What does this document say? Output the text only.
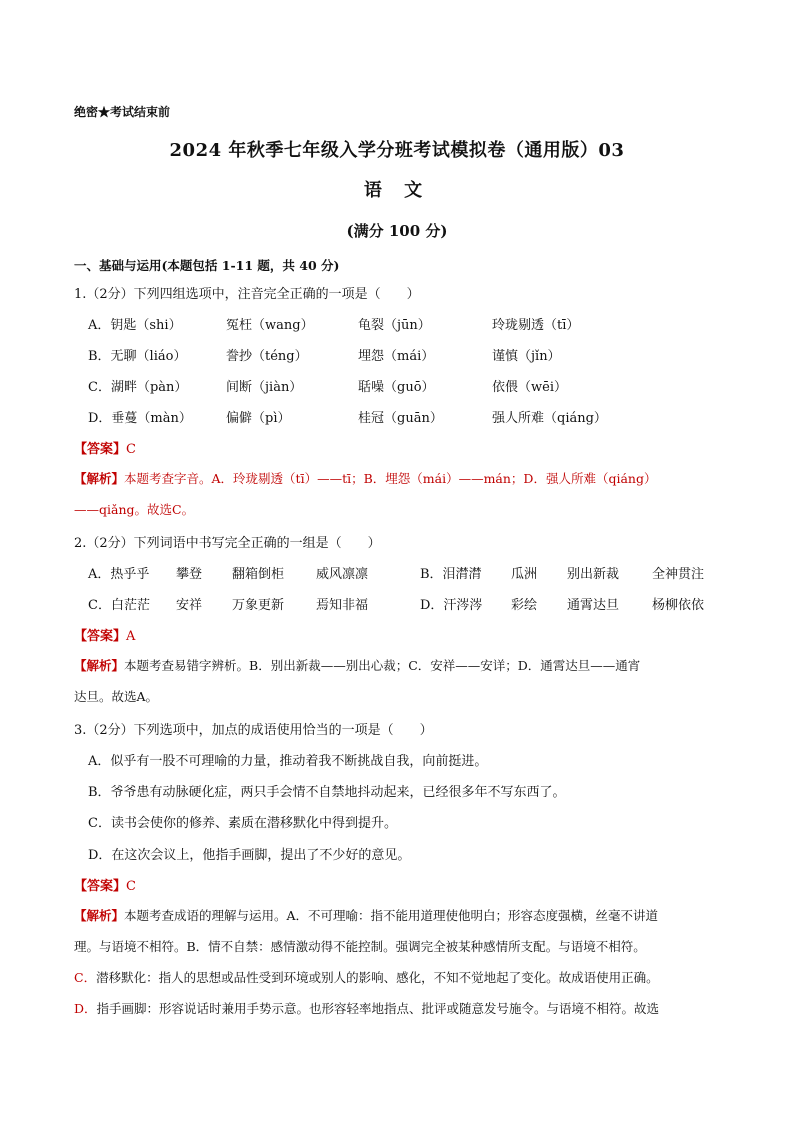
绝密★考试结束前
2024 年秋季七年级入学分班考试模拟卷（通用版）03
语 文
(满分 100 分)
一、基础与运用(本题包括 1-11 题，共 40 分)
1.（2分）下列四组选项中，注音完全正确的一项是（　　）
A．钥匙（shi）	冤枉（wang）	龟裂（jūn）	玲珑剔透（tī）
B．无聊（liáo）	誊抄（téng）	埋怨（mái）	谨慎（jǐn）
C．湖畔（pàn）	间断（jiàn）	聒噪（guō）	依偎（wēi）
D．垂蔓（màn）	偏僻（pì）	桂冠（guān）	强人所难（qiáng）
【答案】C
【解析】本题考查字音。A．玲珑剔透（tī）——tī；B．埋怨（mái）——mán；D．强人所难（qiáng）
——qiǎng。故选C。
2.（2分）下列词语中书写完全正确的一组是（　　）
A．热乎乎 攀登 翻箱倒柜 威风凛凛	B．泪潸潸 瓜洲 别出新裁	全神贯注
C．白茫茫 安祥 万象更新 焉知非福	D．汗涔涔 彩绘 通霄达旦	杨柳依依
【答案】A
【解析】本题考查易错字辨析。B．别出新裁——别出心裁；C．安祥——安详；D．通霄达旦——通宵
达旦。故选A。
3.（2分）下列选项中，加点的成语使用恰当的一项是（　　）
A．似乎有一股不可理喻的力量，推动着我不断挑战自我，向前挺进。
B．爷爷患有动脉硬化症，两只手会情不自禁地抖动起来，已经很多年不写东西了。
C．读书会使你的修养、素质在潜移默化中得到提升。
D．在这次会议上，他指手画脚，提出了不少好的意见。
【答案】C
【解析】本题考查成语的理解与运用。A．不可理喻：指不能用道理使他明白；形容态度强横，丝毫不讲道
理。与语境不相符。B．情不自禁：感情激动得不能控制。强调完全被某种感情所支配。与语境不相符。
C．潜移默化：指人的思想或品性受到环境或别人的影响、感化，不知不觉地起了变化。故成语使用正确。
D．指手画脚：形容说话时兼用手势示意。也形容轻率地指点、批评或随意发号施令。与语境不相符。故选
